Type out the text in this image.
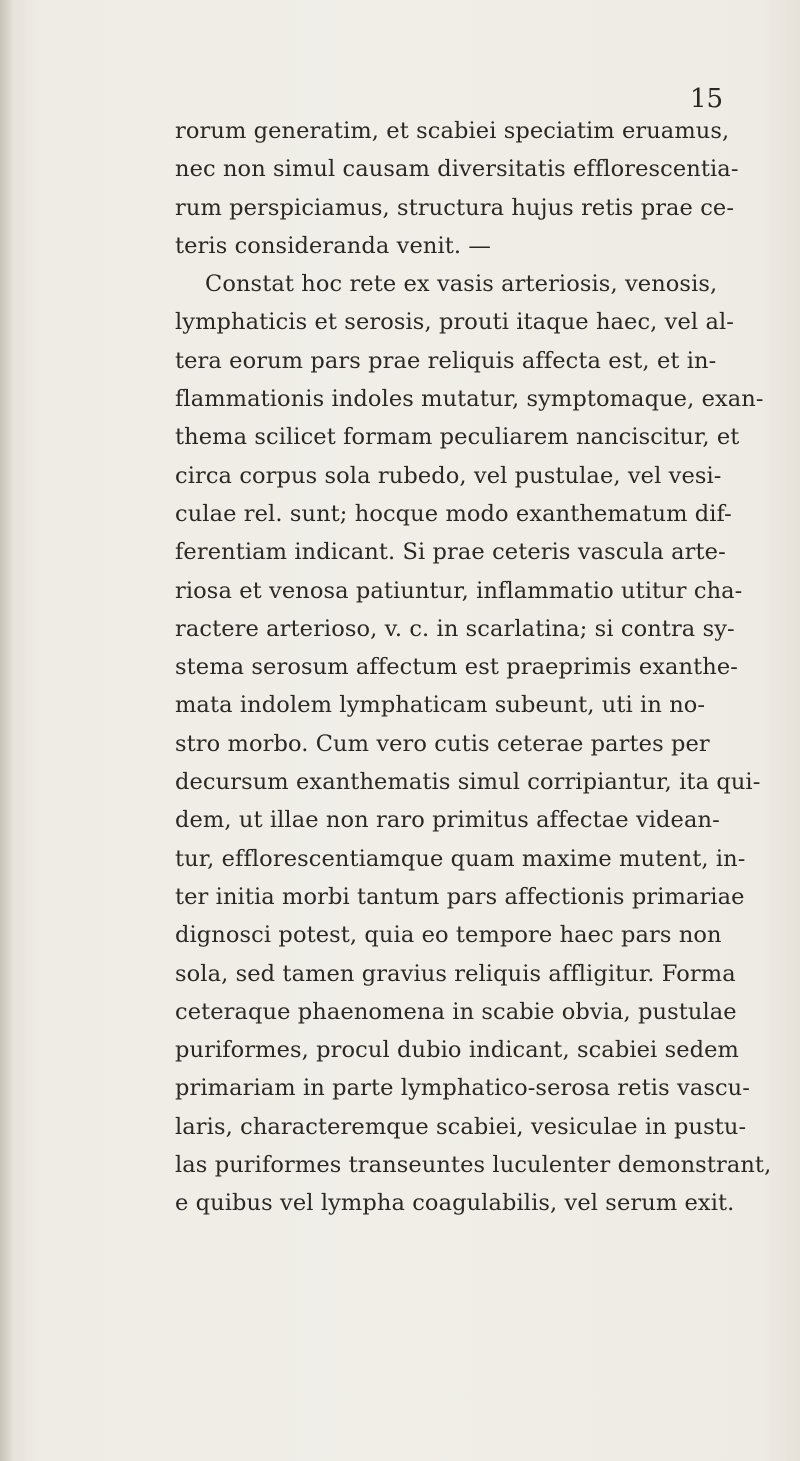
15
rorum generatim, et scabiei speciatim eruamus,
nec non simul causam diversitatis efflorescentia-
rum perspiciamus, structura hujus retis prae ce-
teris consideranda venit. —
Constat hoc rete ex vasis arteriosis, venosis,
lymphaticis et serosis, prouti itaque haec, vel al-
tera eorum pars prae reliquis affecta est, et in-
flammationis indoles mutatur, symptomaque, exan-
thema scilicet formam peculiarem nanciscitur, et
circa corpus sola rubedo, vel pustulae, vel vesi-
culae rel. sunt; hocque modo exanthematum dif-
ferentiam indicant. Si prae ceteris vascula arte-
riosa et venosa patiuntur, inflammatio utitur cha-
ractere arterioso, v. c. in scarlatina; si contra sy-
stema serosum affectum est praeprimis exanthe-
mata indolem lymphaticam subeunt, uti in no-
stro morbo. Cum vero cutis ceterae partes per
decursum exanthematis simul corripiantur, ita qui-
dem, ut illae non raro primitus affectae videan-
tur, efflorescentiamque quam maxime mutent, in-
ter initia morbi tantum pars affectionis primariae
dignosci potest, quia eo tempore haec pars non
sola, sed tamen gravius reliquis affligitur. Forma
ceteraque phaenomena in scabie obvia, pustulae
puriformes, procul dubio indicant, scabiei sedem
primariam in parte lymphatico-serosa retis vascu-
laris, characteremque scabiei, vesiculae in pustu-
las puriformes transeuntes luculenter demonstrant,
e quibus vel lympha coagulabilis, vel serum exit.
